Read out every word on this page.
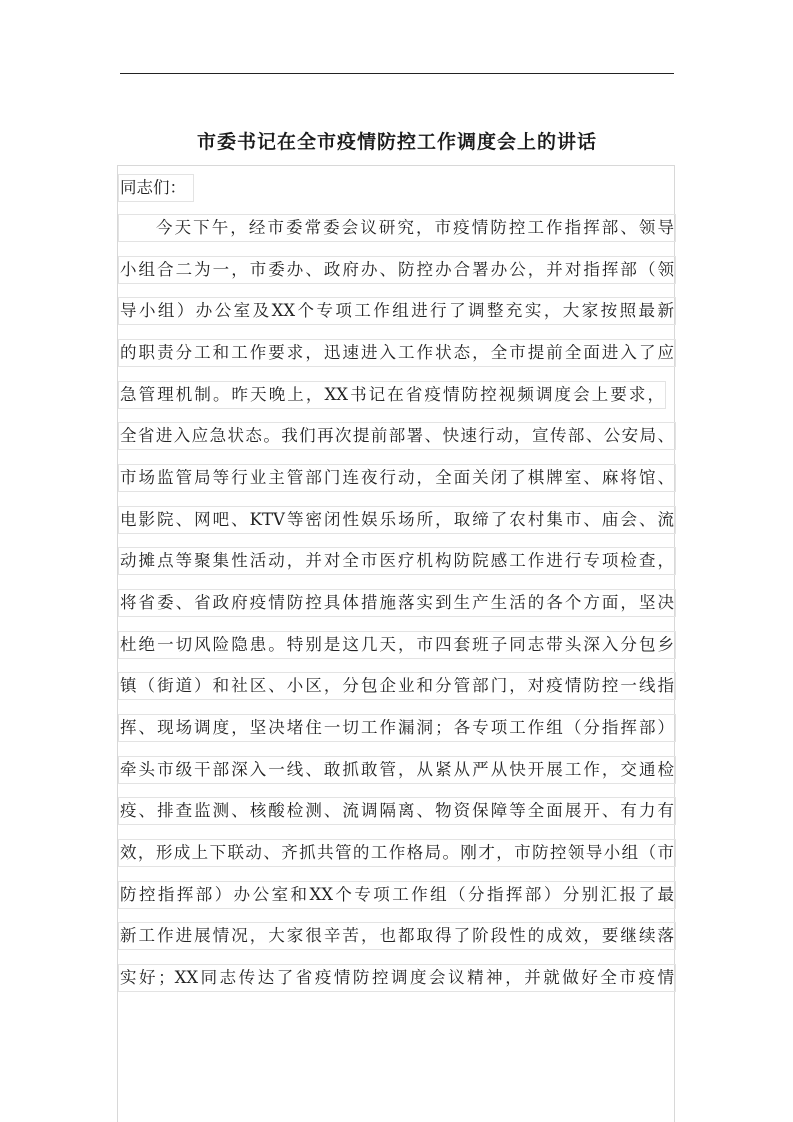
市委书记在全市疫情防控工作调度会上的讲话
同志们：
今天下午，经市委常委会议研究，市疫情防控工作指挥部、领导
小组合二为一，市委办、政府办、防控办合署办公，并对指挥部（领
导小组）办公室及XX个专项工作组进行了调整充实，大家按照最新
的职责分工和工作要求，迅速进入工作状态，全市提前全面进入了应
急管理机制。昨天晚上，XX书记在省疫情防控视频调度会上要求，
全省进入应急状态。我们再次提前部署、快速行动，宣传部、公安局、
市场监管局等行业主管部门连夜行动，全面关闭了棋牌室、麻将馆、
电影院、网吧、KTV等密闭性娱乐场所，取缔了农村集市、庙会、流
动摊点等聚集性活动，并对全市医疗机构防院感工作进行专项检查，
将省委、省政府疫情防控具体措施落实到生产生活的各个方面，坚决
杜绝一切风险隐患。特别是这几天，市四套班子同志带头深入分包乡
镇（街道）和社区、小区，分包企业和分管部门，对疫情防控一线指
挥、现场调度，坚决堵住一切工作漏洞；各专项工作组（分指挥部）
牵头市级干部深入一线、敢抓敢管，从紧从严从快开展工作，交通检
疫、排查监测、核酸检测、流调隔离、物资保障等全面展开、有力有
效，形成上下联动、齐抓共管的工作格局。刚才，市防控领导小组（市
防控指挥部）办公室和XX个专项工作组（分指挥部）分别汇报了最
新工作进展情况，大家很辛苦，也都取得了阶段性的成效，要继续落
实好；XX同志传达了省疫情防控调度会议精神，并就做好全市疫情
